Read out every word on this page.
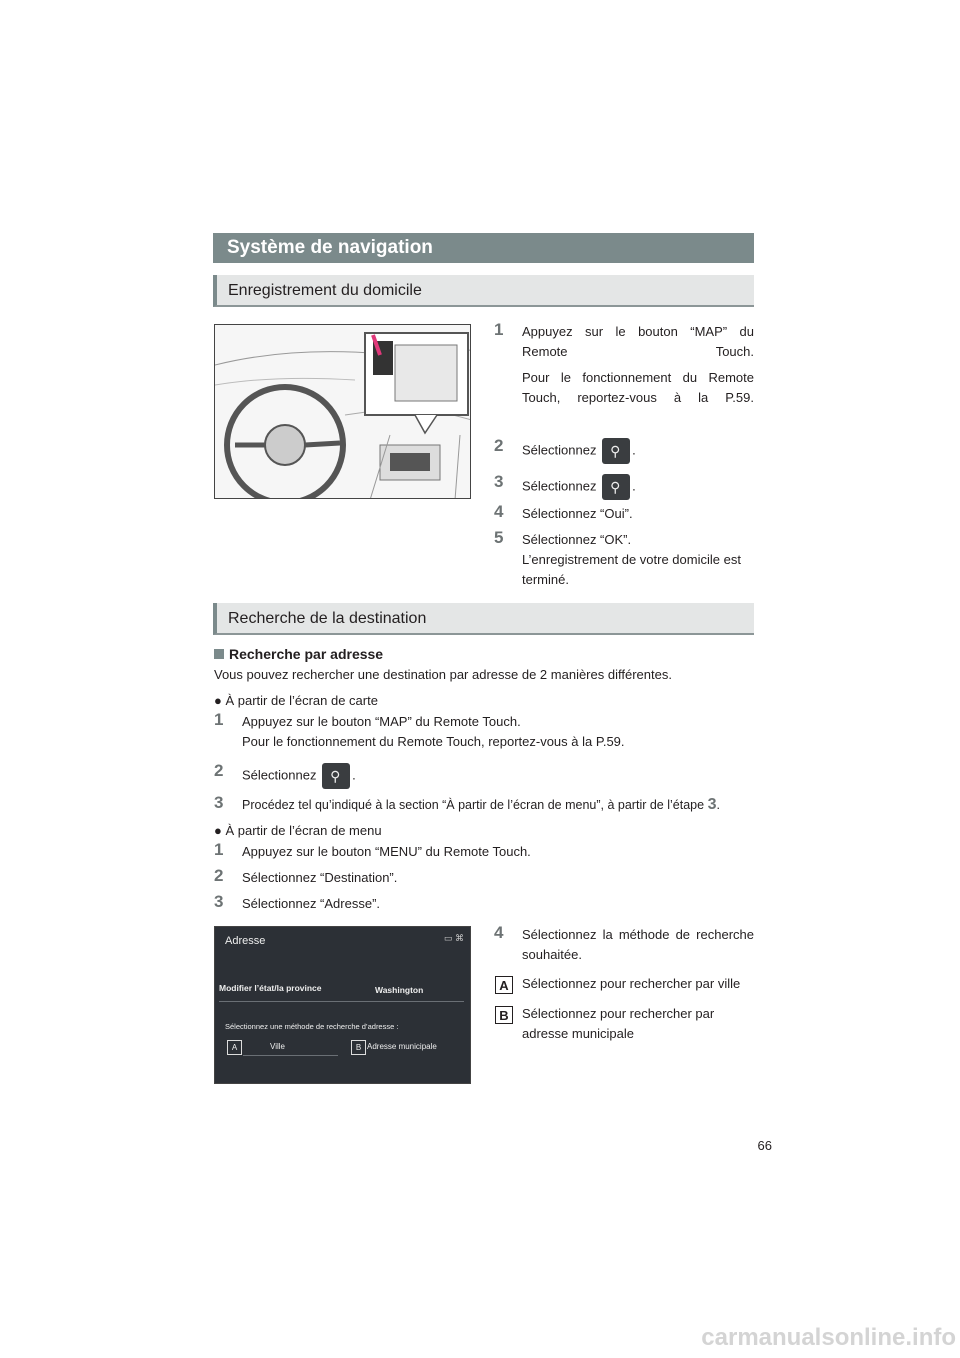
Système de navigation
Enregistrement du domicile
1 Appuyez sur le bouton “MAP” du Remote Touch.
Pour le fonctionnement du Remote Touch, reportez-vous à la P.59.
2 Sélectionnez ⚲	.
3 Sélectionnez ⚲	.
4 Sélectionnez “Oui”.
5 Sélectionnez “OK”.
L’enregistrement de votre domicile est terminé.
Recherche de la destination
Recherche par adresse
Vous pouvez rechercher une destination par adresse de 2 manières différentes.
● À partir de l’écran de carte
1 Appuyez sur le bouton “MAP” du Remote Touch.
Pour le fonctionnement du Remote Touch, reportez-vous à la P.59.
2 Sélectionnez ⚲	.
3 Procédez tel qu’indiqué à la section “À partir de l’écran de menu”, à partir de l’étape 3.
● À partir de l’écran de menu
1 Appuyez sur le bouton “MENU” du Remote Touch.
2 Sélectionnez “Destination”.
3 Sélectionnez “Adresse”.
Adresse	▭ ⌘
Modifier l’état/la province	Washington
Sélectionnez une méthode de recherche d’adresse :
A	Ville	B Adresse municipale
4 Sélectionnez la méthode de recherche souhaitée.
A	Sélectionnez pour rechercher par ville
B	Sélectionnez pour rechercher par adresse municipale
66
carmanualsonline.info
